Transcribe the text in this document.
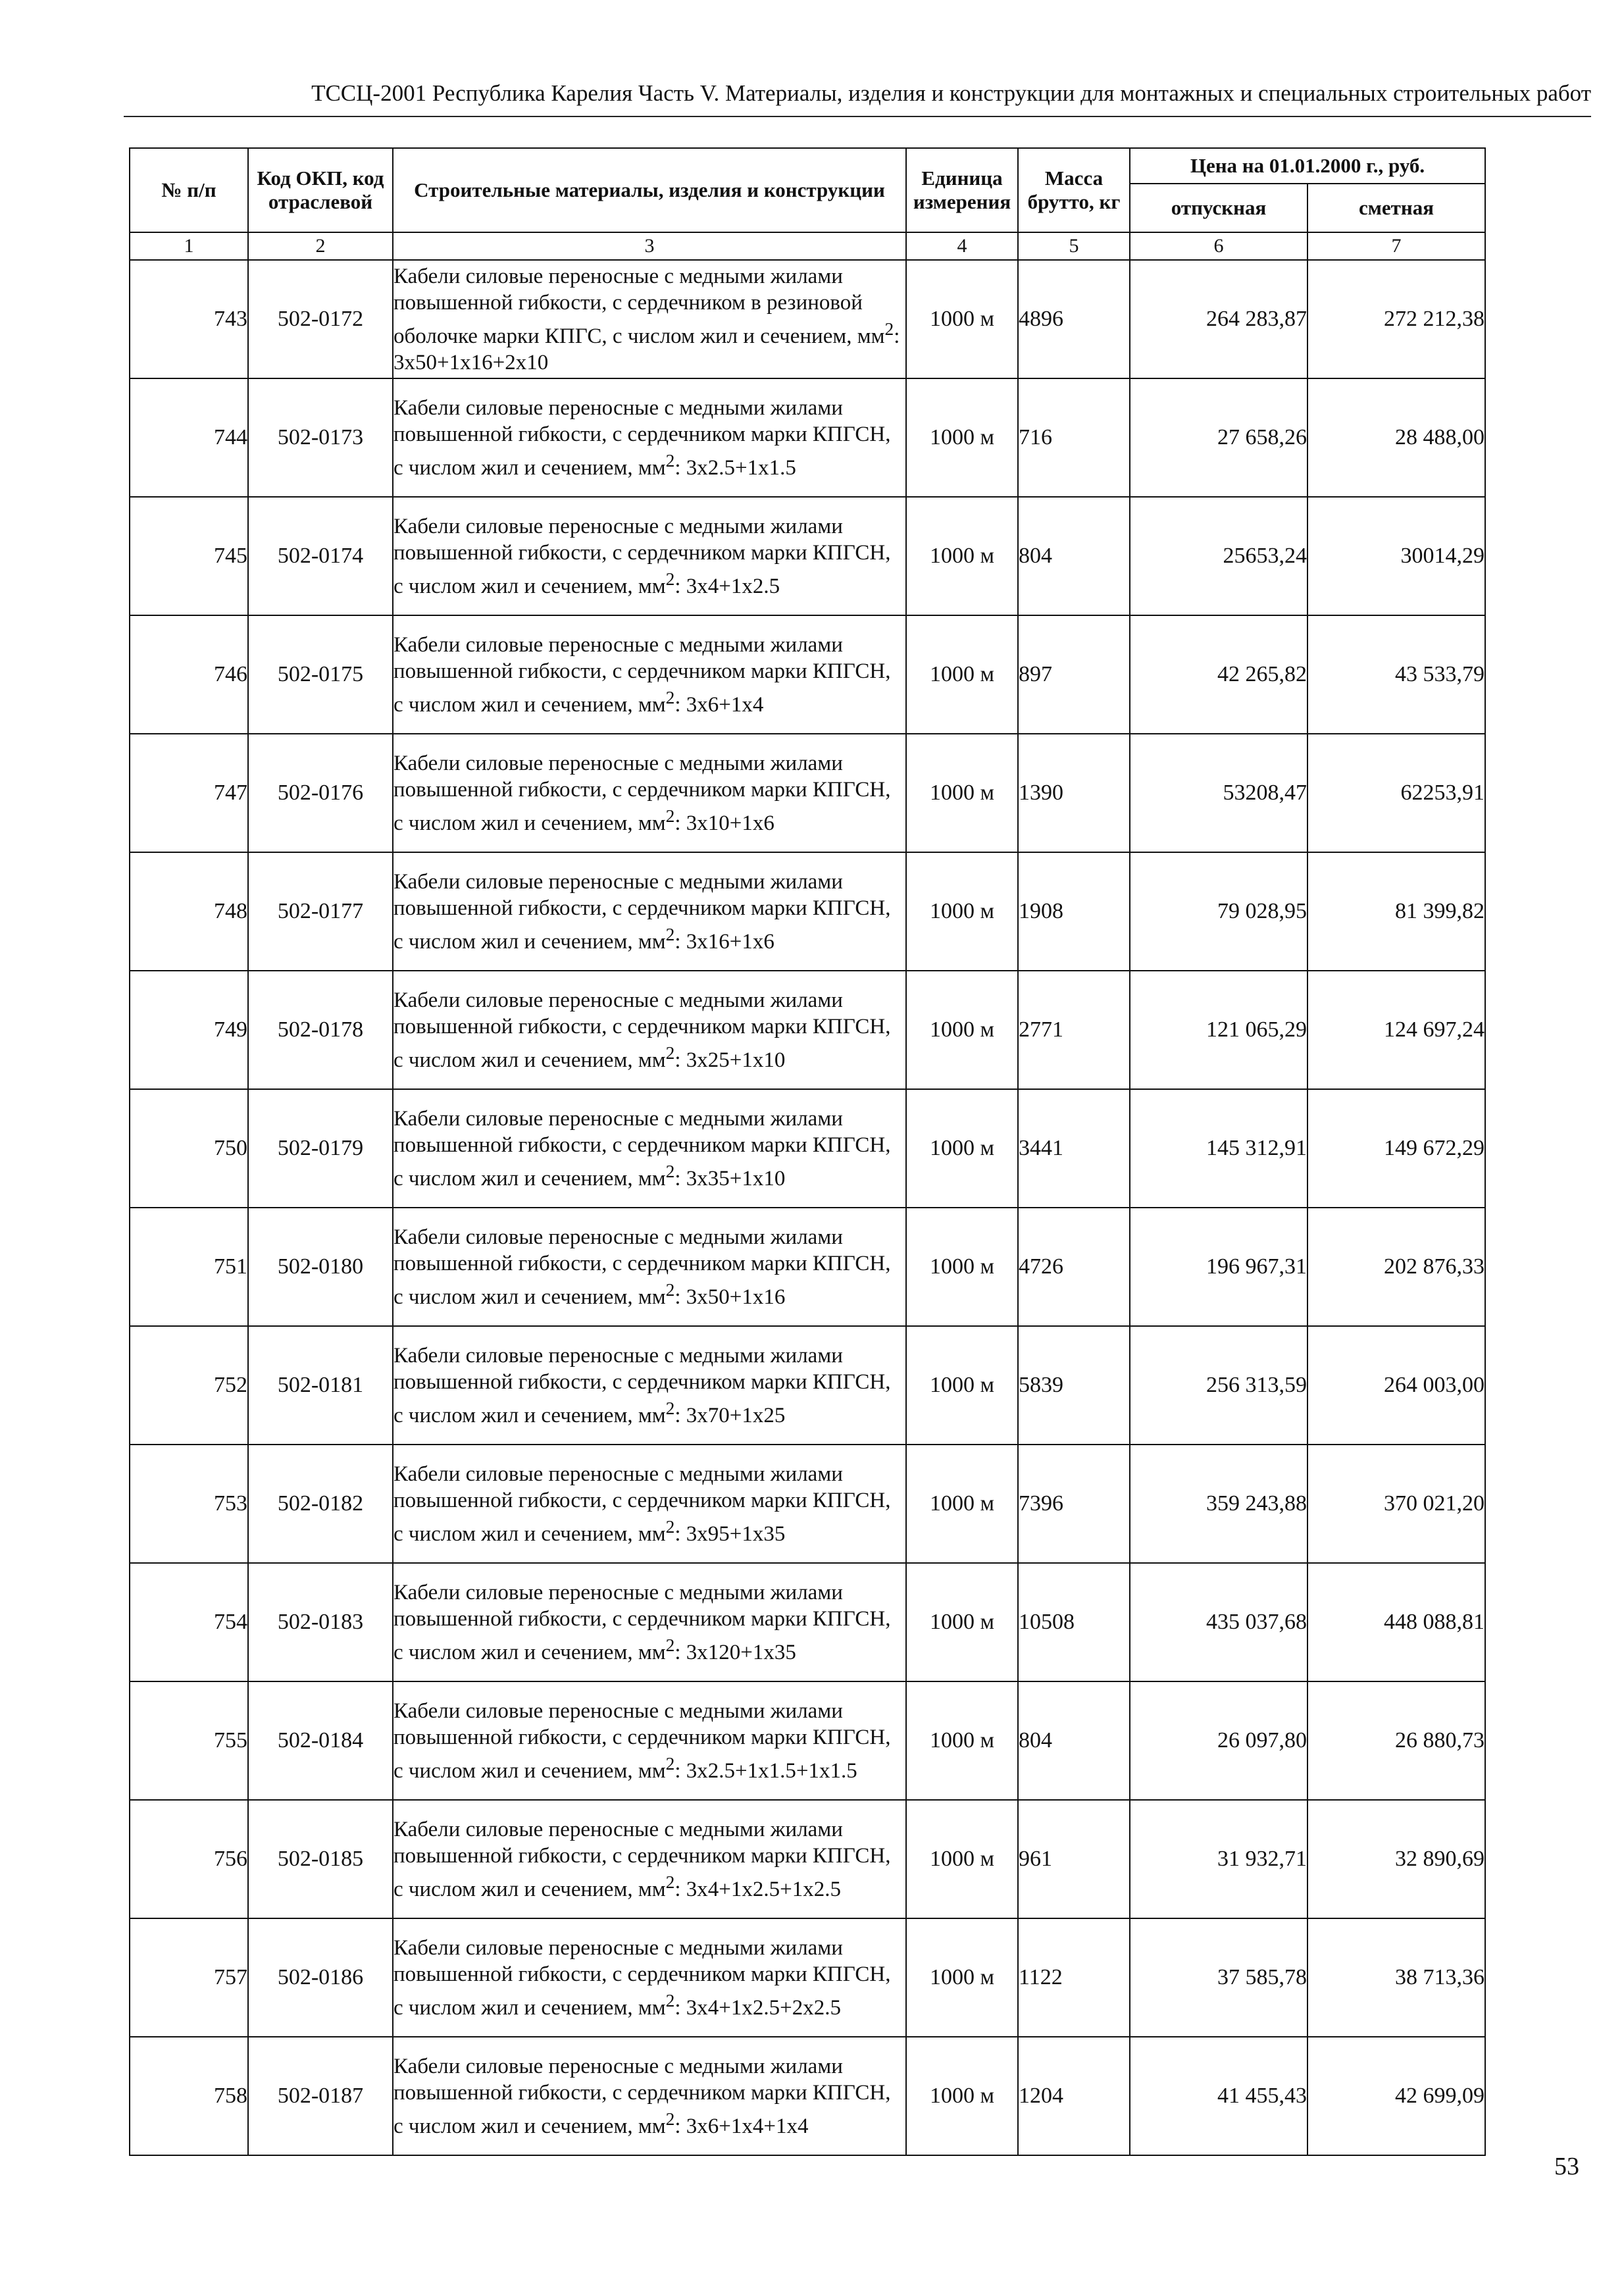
ТССЦ-2001 Республика Карелия Часть V. Материалы, изделия и конструкции для монтажных и специальных строительных работ
№ п/п	Код ОКП, код отраслевой	Строительные материалы, изделия и конструкции	Единица измерения	Масса брутто, кг	Цена на 01.01.2000 г., руб.	
					отпускная	сметная
1	2	3	4	5	6	7
743	502-0172	Кабели силовые переносные с медными жилами повышенной гибкости, с сердечником в резиновой оболочке марки КПГС, с числом жил и сечением, $мм^2$: 3x50+1x16+2x10	1000 м	4896	264 283,87	272 212,38
744	502-0173	Кабели силовые переносные с медными жилами повышенной гибкости, с сердечником марки КПГСН, с числом жил и сечением, $мм^2$: 3x2.5+1x1.5	1000 м	716	27 658,26	28 488,00
745	502-0174	Кабели силовые переносные с медными жилами повышенной гибкости, с сердечником марки КПГСН, с числом жил и сечением, $мм^2$: 3x4+1x2.5	1000 м	804	25653,24	30014,29
746	502-0175	Кабели силовые переносные с медными жилами повышенной гибкости, с сердечником марки КПГСН, с числом жил и сечением, $мм^2$: 3x6+1x4	1000 м	897	42 265,82	43 533,79
747	502-0176	Кабели силовые переносные с медными жилами повышенной гибкости, с сердечником марки КПГСН, с числом жил и сечением, $мм^2$: 3x10+1x6	1000 м	1390	53208,47	62253,91
748	502-0177	Кабели силовые переносные с медными жилами повышенной гибкости, с сердечником марки КПГСН, с числом жил и сечением, $мм^2$: 3x16+1x6	1000 м	1908	79 028,95	81 399,82
749	502-0178	Кабели силовые переносные с медными жилами повышенной гибкости, с сердечником марки КПГСН, с числом жил и сечением, $мм^2$: 3x25+1x10	1000 м	2771	121 065,29	124 697,24
750	502-0179	Кабели силовые переносные с медными жилами повышенной гибкости, с сердечником марки КПГСН, с числом жил и сечением, $мм^2$: 3x35+1x10	1000 м	3441	145 312,91	149 672,29
751	502-0180	Кабели силовые переносные с медными жилами повышенной гибкости, с сердечником марки КПГСН, с числом жил и сечением, $мм^2$: 3x50+1x16	1000 м	4726	196 967,31	202 876,33
752	502-0181	Кабели силовые переносные с медными жилами повышенной гибкости, с сердечником марки КПГСН, с числом жил и сечением, $мм^2$: 3x70+1x25	1000 м	5839	256 313,59	264 003,00
753	502-0182	Кабели силовые переносные с медными жилами повышенной гибкости, с сердечником марки КПГСН, с числом жил и сечением, $мм^2$: 3x95+1x35	1000 м	7396	359 243,88	370 021,20
754	502-0183	Кабели силовые переносные с медными жилами повышенной гибкости, с сердечником марки КПГСН, с числом жил и сечением, $мм^2$: 3x120+1x35	1000 м	10508	435 037,68	448 088,81
755	502-0184	Кабели силовые переносные с медными жилами повышенной гибкости, с сердечником марки КПГСН, с числом жил и сечением, $мм^2$: 3x2.5+1x1.5+1x1.5	1000 м	804	26 097,80	26 880,73
756	502-0185	Кабели силовые переносные с медными жилами повышенной гибкости, с сердечником марки КПГСН, с числом жил и сечением, $мм^2$: 3x4+1x2.5+1x2.5	1000 м	961	31 932,71	32 890,69
757	502-0186	Кабели силовые переносные с медными жилами повышенной гибкости, с сердечником марки КПГСН, с числом жил и сечением, $мм^2$: 3x4+1x2.5+2x2.5	1000 м	1122	37 585,78	38 713,36
758	502-0187	Кабели силовые переносные с медными жилами повышенной гибкости, с сердечником марки КПГСН, с числом жил и сечением, $мм^2$: 3x6+1x4+1x4	1000 м	1204	41 455,43	42 699,09
53
